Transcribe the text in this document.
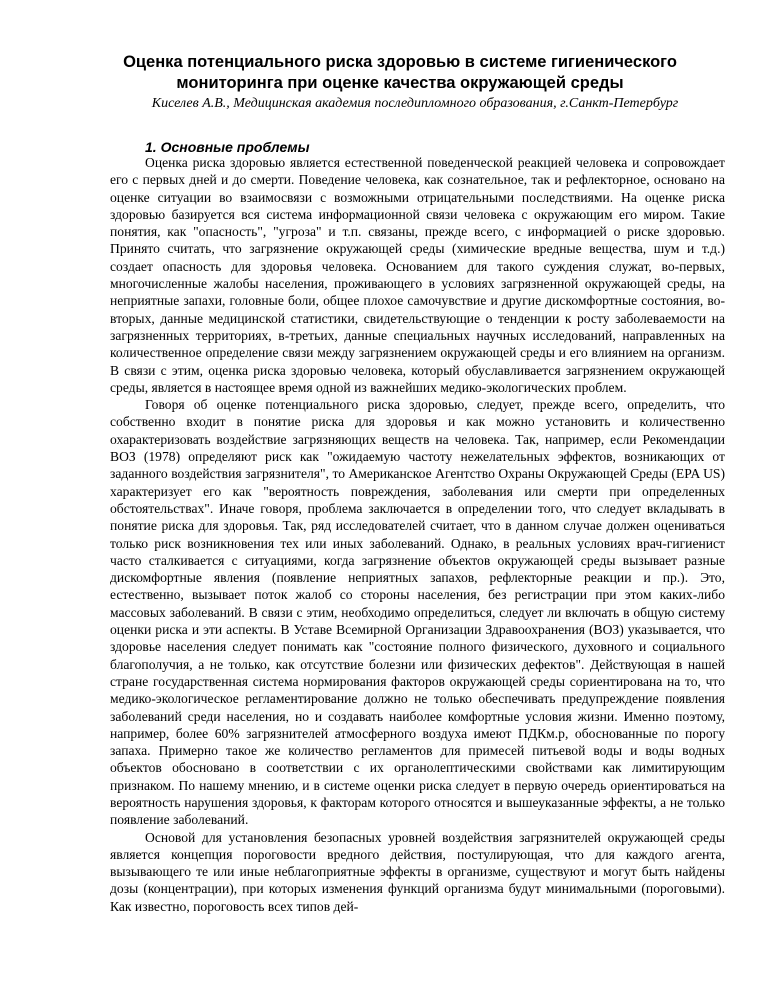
Оценка потенциального риска здоровью в системе гигиенического мониторинга при оценке качества окружающей среды

Киселев А.В., Медицинская академия последипломного образования, г.Санкт-Петербург

1. Основные проблемы

Оценка риска здоровью является естественной поведенческой реакцией человека и сопровождает его с первых дней и до смерти. Поведение человека, как сознательное, так и рефлекторное, основано на оценке ситуации во взаимосвязи с возможными отрицательными последствиями. На оценке риска здоровью базируется вся система информационной связи человека с окружающим его миром. Такие понятия, как "опасность", "угроза" и т.п. связаны, прежде всего, с информацией о риске здоровью. Принято считать, что загрязнение окружающей среды (химические вредные вещества, шум и т.д.) создает опасность для здоровья человека. Основанием для такого суждения служат, во-первых, многочисленные жалобы населения, проживающего в условиях загрязненной окружающей среды, на неприятные запахи, головные боли, общее плохое самочувствие и другие дискомфортные состояния, во-вторых, данные медицинской статистики, свидетельствующие о тенденции к росту заболеваемости на загрязненных территориях, в-третьих, данные специальных научных исследований, направленных на количественное определение связи между загрязнением окружающей среды и его влиянием на организм. В связи с этим, оценка риска здоровью человека, который обуславливается загрязнением окружающей среды, является в настоящее время одной из важнейших медико-экологических проблем.

Говоря об оценке потенциального риска здоровью, следует, прежде всего, определить, что собственно входит в понятие риска для здоровья и как можно установить и количественно охарактеризовать воздействие загрязняющих веществ на человека. Так, например, если Рекомендации ВОЗ (1978) определяют риск как "ожидаемую частоту нежелательных эффектов, возникающих от заданного воздействия загрязнителя", то Американское Агентство Охраны Окружающей Среды (EPA US) характеризует его как "вероятность повреждения, заболевания или смерти при определенных обстоятельствах". Иначе говоря, проблема заключается в определении того, что следует вкладывать в понятие риска для здоровья. Так, ряд исследователей считает, что в данном случае должен оцениваться только риск возникновения тех или иных заболеваний. Однако, в реальных условиях врач-гигиенист часто сталкивается с ситуациями, когда загрязнение объектов окружающей среды вызывает разные дискомфортные явления (появление неприятных запахов, рефлекторные реакции и пр.). Это, естественно, вызывает поток жалоб со стороны населения, без регистрации при этом каких-либо массовых заболеваний. В связи с этим, необходимо определиться, следует ли включать в общую систему оценки риска и эти аспекты. В Уставе Всемирной Организации Здравоохранения (ВОЗ) указывается, что здоровье населения следует понимать как "состояние полного физического, духовного и социального благополучия, а не только, как отсутствие болезни или физических дефектов". Действующая в нашей стране государственная система нормирования факторов окружающей среды сориентирована на то, что медико-экологическое регламентирование должно не только обеспечивать предупреждение появления заболеваний среди населения, но и создавать наиболее комфортные условия жизни. Именно поэтому, например, более 60% загрязнителей атмосферного воздуха имеют ПДКм.р, обоснованные по порогу запаха. Примерно такое же количество регламентов для примесей питьевой воды и воды водных объектов обосновано в соответствии с их органолептическими свойствами как лимитирующим признаком. По нашему мнению, и в системе оценки риска следует в первую очередь ориентироваться на вероятность нарушения здоровья, к факторам которого относятся и вышеуказанные эффекты, а не только появление заболеваний.

Основой для установления безопасных уровней воздействия загрязнителей окружающей среды является концепция пороговости вредного действия, постулирующая, что для каждого агента, вызывающего те или иные неблагоприятные эффекты в организме, существуют и могут быть найдены дозы (концентрации), при которых изменения функций организма будут минимальными (пороговыми). Как известно, пороговость всех типов дей-
